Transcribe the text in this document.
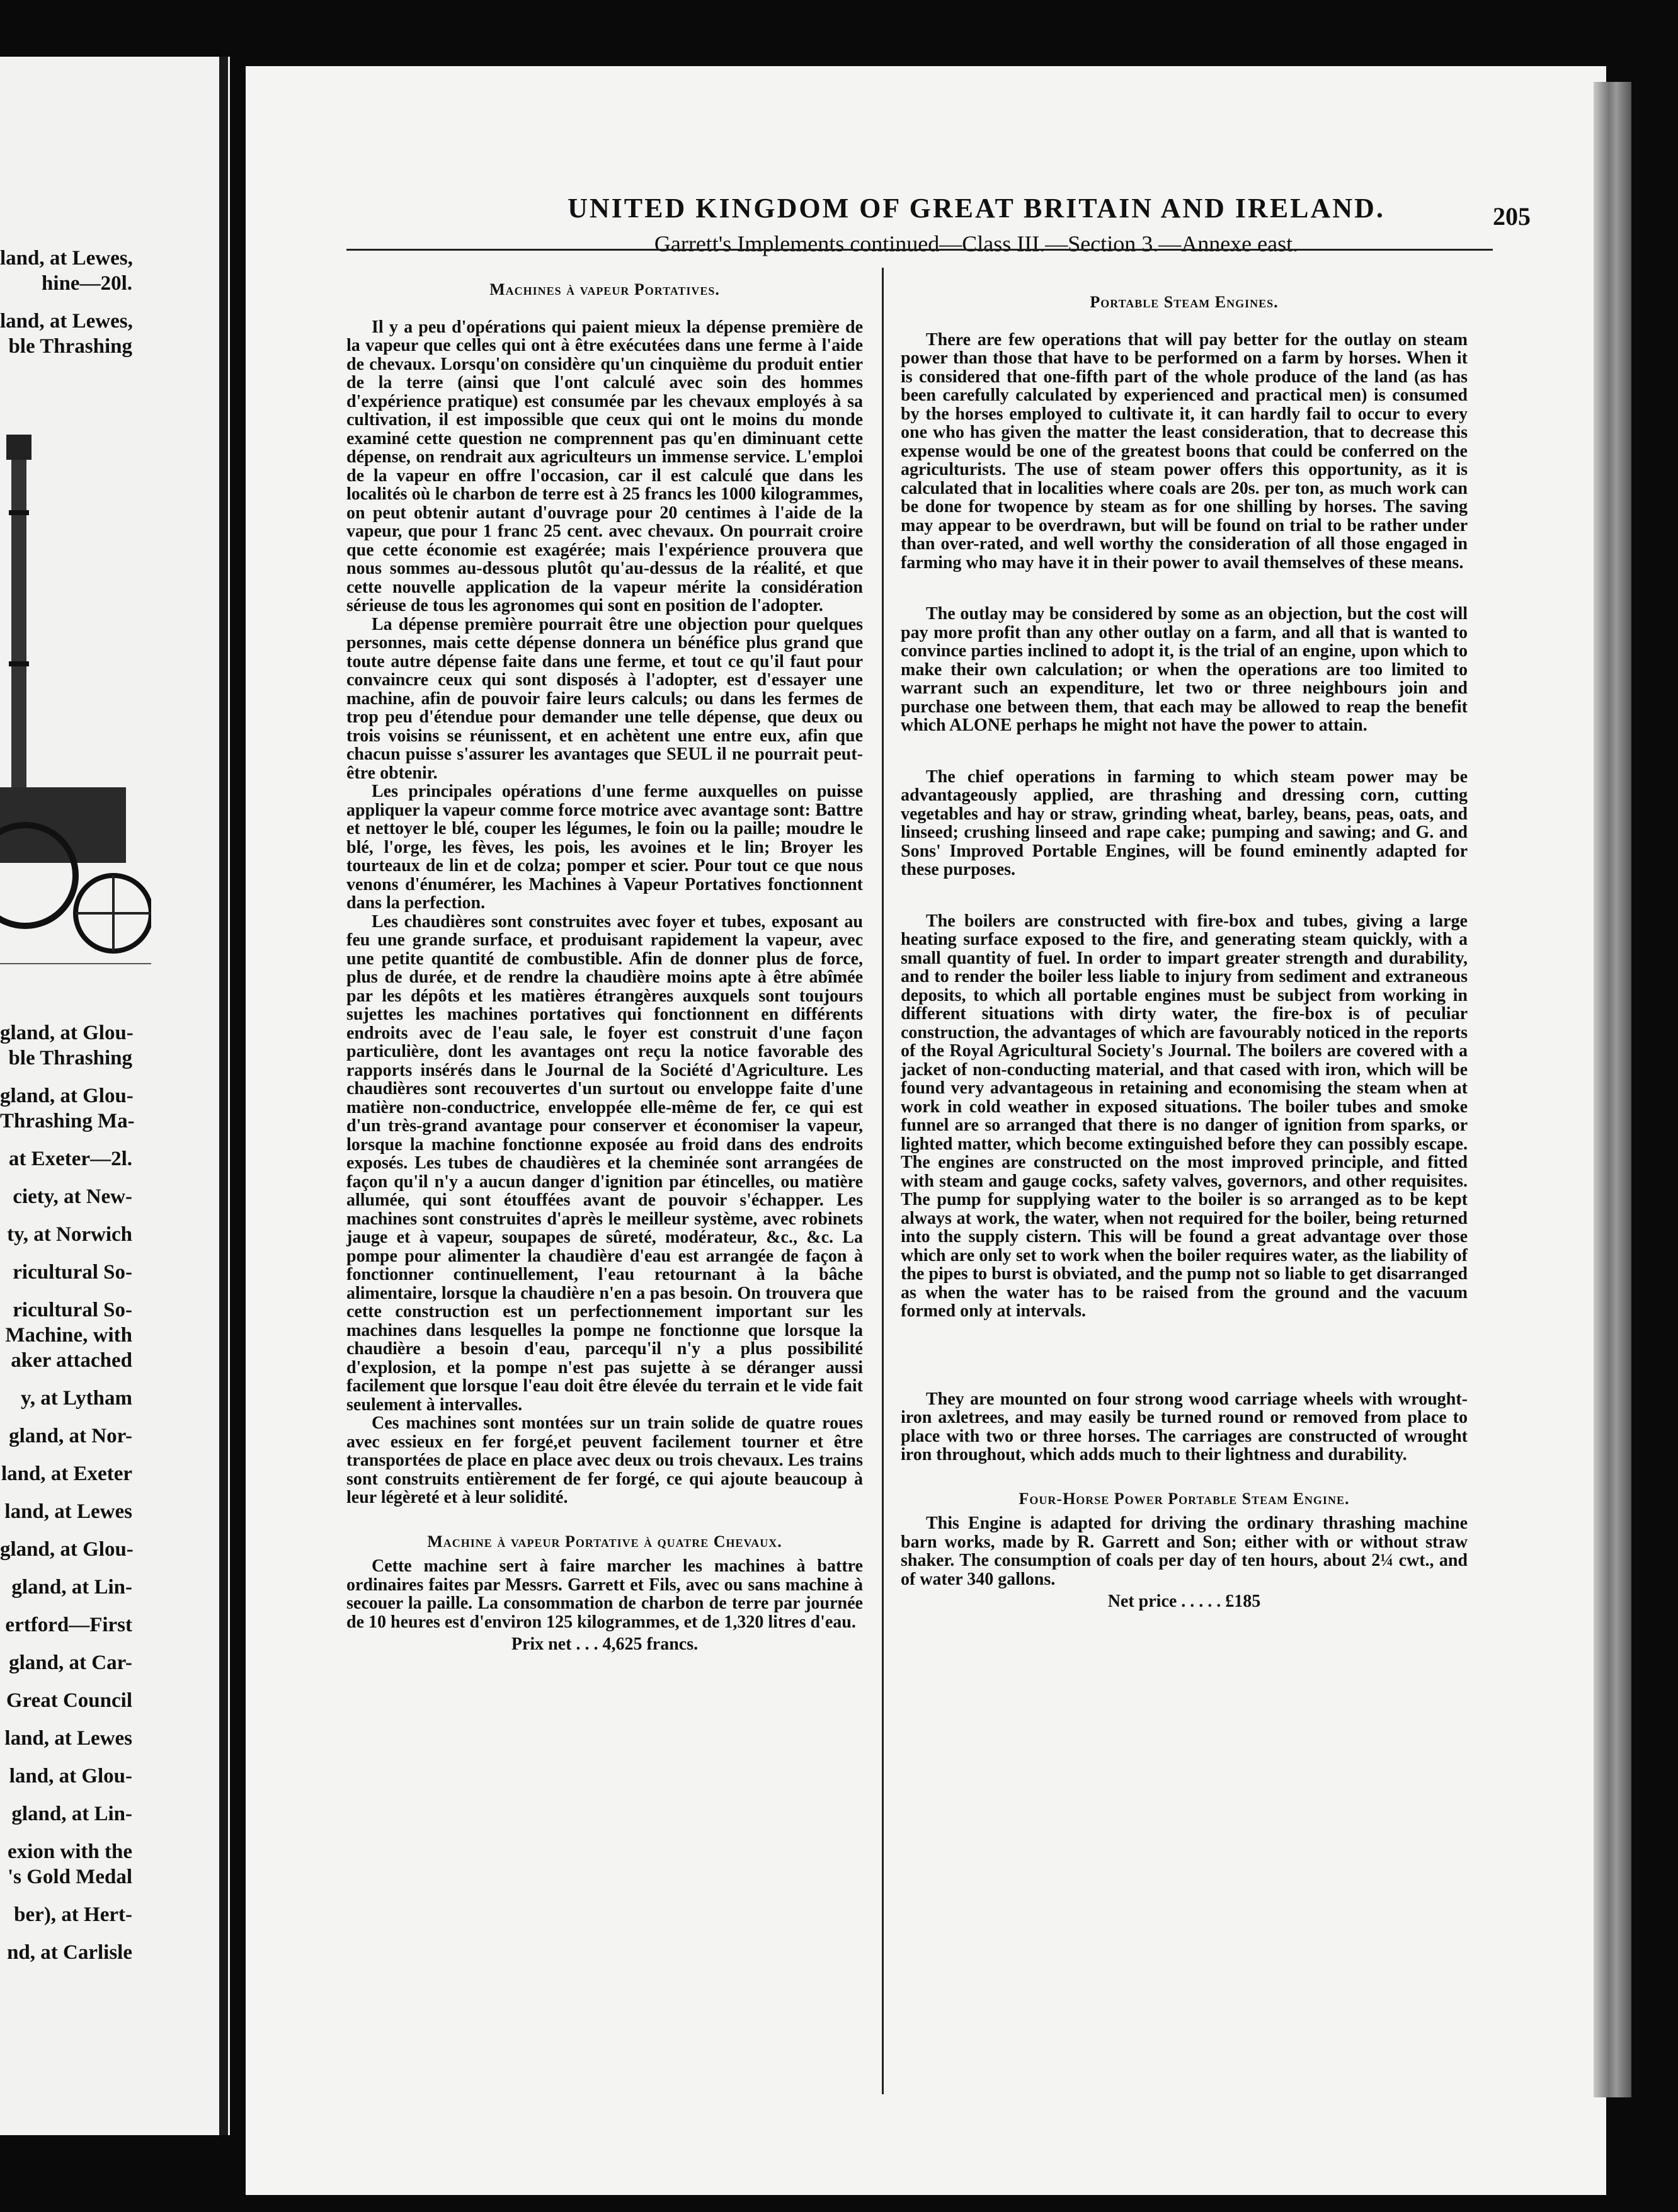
land, at Lewes,
hine—20l.
land, at Lewes,
ble Thrashing
gland, at Glou-
ble Thrashing
gland, at Glou-
Thrashing Ma-
at Exeter—2l.
ciety, at New-
ty, at Norwich
ricultural So-
ricultural So-
Machine, with
aker attached
y, at Lytham
gland, at Nor-
land, at Exeter
land, at Lewes
gland, at Glou-
gland, at Lin-
ertford—First
gland, at Car-
Great Council
land, at Lewes
land, at Glou-
gland, at Lin-
exion with the
's Gold Medal
ber), at Hert-
nd, at Carlisle
UNITED KINGDOM OF GREAT BRITAIN AND IRELAND.
Garrett's Implements continued—Class III.—Section 3.—Annexe east.
205
Machines à vapeur Portatives.

Il y a peu d'opérations qui paient mieux la dépense première de la vapeur que celles qui ont à être exécutées dans une ferme à l'aide de chevaux. Lorsqu'on considère qu'un cinquième du produit entier de la terre (ainsi que l'ont calculé avec soin des hommes d'expérience pratique) est consumée par les chevaux employés à sa cultivation, il est impossible que ceux qui ont le moins du monde examiné cette question ne comprennent pas qu'en diminuant cette dépense, on rendrait aux agriculteurs un immense service. L'emploi de la vapeur en offre l'occasion, car il est calculé que dans les localités où le charbon de terre est à 25 francs les 1000 kilogrammes, on peut obtenir autant d'ouvrage pour 20 centimes à l'aide de la vapeur, que pour 1 franc 25 cent. avec chevaux. On pourrait croire que cette économie est exagérée; mais l'expérience prouvera que nous sommes au-dessous plutôt qu'au-dessus de la réalité, et que cette nouvelle application de la vapeur mérite la considération sérieuse de tous les agronomes qui sont en position de l'adopter.

La dépense première pourrait être une objection pour quelques personnes, mais cette dépense donnera un bénéfice plus grand que toute autre dépense faite dans une ferme, et tout ce qu'il faut pour convaincre ceux qui sont disposés à l'adopter, est d'essayer une machine, afin de pouvoir faire leurs calculs; ou dans les fermes de trop peu d'étendue pour demander une telle dépense, que deux ou trois voisins se réunissent, et en achètent une entre eux, afin que chacun puisse s'assurer les avantages que SEUL il ne pourrait peut-être obtenir.

Les principales opérations d'une ferme auxquelles on puisse appliquer la vapeur comme force motrice avec avantage sont: Battre et nettoyer le blé, couper les légumes, le foin ou la paille; moudre le blé, l'orge, les fèves, les pois, les avoines et le lin; Broyer les tourteaux de lin et de colza; pomper et scier. Pour tout ce que nous venons d'énumérer, les Machines à Vapeur Portatives fonctionnent dans la perfection.

Les chaudières sont construites avec foyer et tubes, exposant au feu une grande surface, et produisant rapidement la vapeur, avec une petite quantité de combustible. Afin de donner plus de force, plus de durée, et de rendre la chaudière moins apte à être abîmée par les dépôts et les matières étrangères auxquels sont toujours sujettes les machines portatives qui fonctionnent en différents endroits avec de l'eau sale, le foyer est construit d'une façon particulière, dont les avantages ont reçu la notice favorable des rapports insérés dans le Journal de la Société d'Agriculture. Les chaudières sont recouvertes d'un surtout ou enveloppe faite d'une matière non-conductrice, enveloppée elle-même de fer, ce qui est d'un très-grand avantage pour conserver et économiser la vapeur, lorsque la machine fonctionne exposée au froid dans des endroits exposés. Les tubes de chaudières et la cheminée sont arrangées de façon qu'il n'y a aucun danger d'ignition par étincelles, ou matière allumée, qui sont étouffées avant de pouvoir s'échapper. Les machines sont construites d'après le meilleur système, avec robinets jauge et à vapeur, soupapes de sûreté, modérateur, &c., &c. La pompe pour alimenter la chaudière d'eau est arrangée de façon à fonctionner continuellement, l'eau retournant à la bâche alimentaire, lorsque la chaudière n'en a pas besoin. On trouvera que cette construction est un perfectionnement important sur les machines dans lesquelles la pompe ne fonctionne que lorsque la chaudière a besoin d'eau, parcequ'il n'y a plus possibilité d'explosion, et la pompe n'est pas sujette à se déranger aussi facilement que lorsque l'eau doit être élevée du terrain et le vide fait seulement à intervalles.

Ces machines sont montées sur un train solide de quatre roues avec essieux en fer forgé,et peuvent facilement tourner et être transportées de place en place avec deux ou trois chevaux. Les trains sont construits entièrement de fer forgé, ce qui ajoute beaucoup à leur légèreté et à leur solidité.

Machine à vapeur Portative à quatre Chevaux.

Cette machine sert à faire marcher les machines à battre ordinaires faites par Messrs. Garrett et Fils, avec ou sans machine à secouer la paille. La consommation de charbon de terre par journée de 10 heures est d'environ 125 kilogrammes, et de 1,320 litres d'eau.

Prix net . . . 4,625 francs.
Portable Steam Engines.

There are few operations that will pay better for the outlay on steam power than those that have to be performed on a farm by horses. When it is considered that one-fifth part of the whole produce of the land (as has been carefully calculated by experienced and practical men) is consumed by the horses employed to cultivate it, it can hardly fail to occur to every one who has given the matter the least consideration, that to decrease this expense would be one of the greatest boons that could be conferred on the agriculturists. The use of steam power offers this opportunity, as it is calculated that in localities where coals are 20s. per ton, as much work can be done for twopence by steam as for one shilling by horses. The saving may appear to be overdrawn, but will be found on trial to be rather under than over-rated, and well worthy the consideration of all those engaged in farming who may have it in their power to avail themselves of these means.

The outlay may be considered by some as an objection, but the cost will pay more profit than any other outlay on a farm, and all that is wanted to convince parties inclined to adopt it, is the trial of an engine, upon which to make their own calculation; or when the operations are too limited to warrant such an expenditure, let two or three neighbours join and purchase one between them, that each may be allowed to reap the benefit which ALONE perhaps he might not have the power to attain.

The chief operations in farming to which steam power may be advantageously applied, are thrashing and dressing corn, cutting vegetables and hay or straw, grinding wheat, barley, beans, peas, oats, and linseed; crushing linseed and rape cake; pumping and sawing; and G. and Sons' Improved Portable Engines, will be found eminently adapted for these purposes.

The boilers are constructed with fire-box and tubes, giving a large heating surface exposed to the fire, and generating steam quickly, with a small quantity of fuel. In order to impart greater strength and durability, and to render the boiler less liable to injury from sediment and extraneous deposits, to which all portable engines must be subject from working in different situations with dirty water, the fire-box is of peculiar construction, the advantages of which are favourably noticed in the reports of the Royal Agricultural Society's Journal. The boilers are covered with a jacket of non-conducting material, and that cased with iron, which will be found very advantageous in retaining and economising the steam when at work in cold weather in exposed situations. The boiler tubes and smoke funnel are so arranged that there is no danger of ignition from sparks, or lighted matter, which become extinguished before they can possibly escape. The engines are constructed on the most improved principle, and fitted with steam and gauge cocks, safety valves, governors, and other requisites. The pump for supplying water to the boiler is so arranged as to be kept always at work, the water, when not required for the boiler, being returned into the supply cistern. This will be found a great advantage over those which are only set to work when the boiler requires water, as the liability of the pipes to burst is obviated, and the pump not so liable to get disarranged as when the water has to be raised from the ground and the vacuum formed only at intervals.

They are mounted on four strong wood carriage wheels with wrought-iron axletrees, and may easily be turned round or removed from place to place with two or three horses. The carriages are constructed of wrought iron throughout, which adds much to their lightness and durability.

Four-Horse Power Portable Steam Engine.

This Engine is adapted for driving the ordinary thrashing machine barn works, made by R. Garrett and Son; either with or without straw shaker. The consumption of coals per day of ten hours, about 2¼ cwt., and of water 340 gallons.

Net price . . . . . £185
